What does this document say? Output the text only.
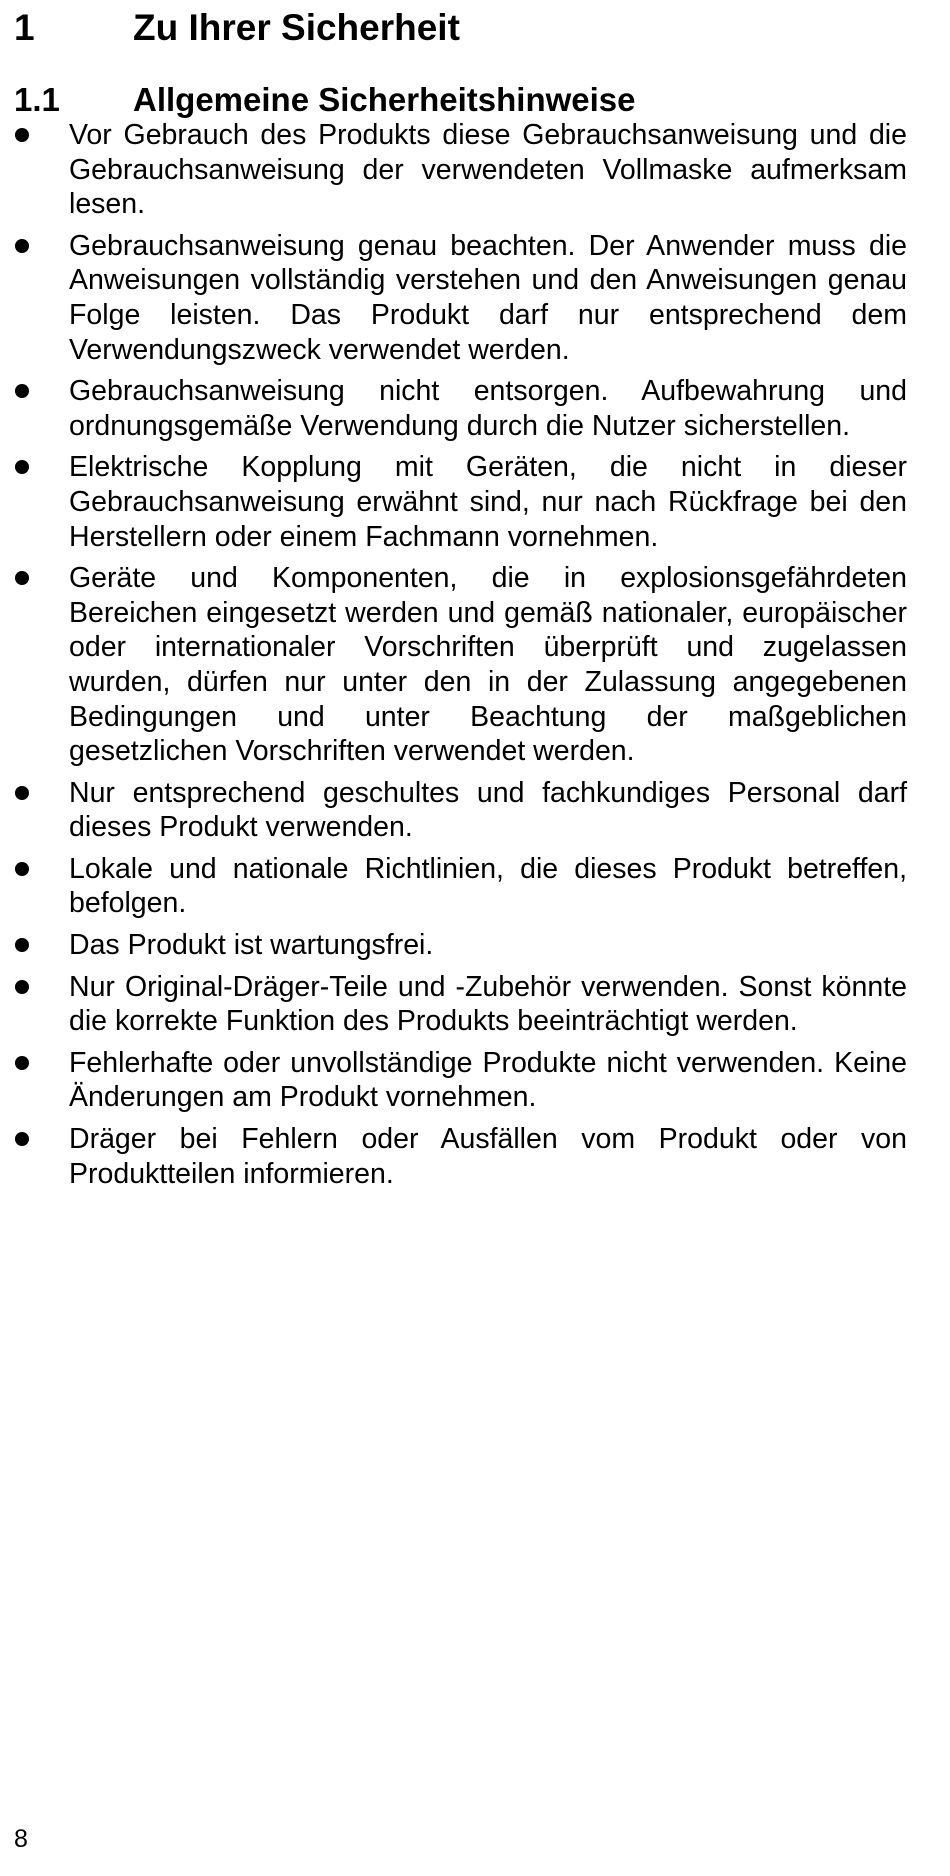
1	Zu Ihrer Sicherheit
1.1	Allgemeine Sicherheitshinweise
Vor Gebrauch des Produkts diese Gebrauchsanweisung und die Gebrauchsanweisung der verwendeten Vollmaske aufmerksam lesen.
Gebrauchsanweisung genau beachten. Der Anwender muss die Anweisungen vollständig verstehen und den Anweisungen genau Folge leisten. Das Produkt darf nur entsprechend dem Verwendungszweck verwendet werden.
Gebrauchsanweisung nicht entsorgen. Aufbewahrung und ordnungsgemäße Verwendung durch die Nutzer sicherstellen.
Elektrische Kopplung mit Geräten, die nicht in dieser Gebrauchsanweisung erwähnt sind, nur nach Rückfrage bei den Herstellern oder einem Fachmann vornehmen.
Geräte und Komponenten, die in explosionsgefährdeten Bereichen eingesetzt werden und gemäß nationaler, europäischer oder internationaler Vorschriften überprüft und zugelassen wurden, dürfen nur unter den in der Zulassung angegebenen Bedingungen und unter Beachtung der maßgeblichen gesetzlichen Vorschriften verwendet werden.
Nur entsprechend geschultes und fachkundiges Personal darf dieses Produkt verwenden.
Lokale und nationale Richtlinien, die dieses Produkt betreffen, befolgen.
Das Produkt ist wartungsfrei.
Nur Original-Dräger-Teile und -Zubehör verwenden. Sonst könnte die korrekte Funktion des Produkts beeinträchtigt werden.
Fehlerhafte oder unvollständige Produkte nicht verwenden. Keine Änderungen am Produkt vornehmen.
Dräger bei Fehlern oder Ausfällen vom Produkt oder von Produktteilen informieren.
8
